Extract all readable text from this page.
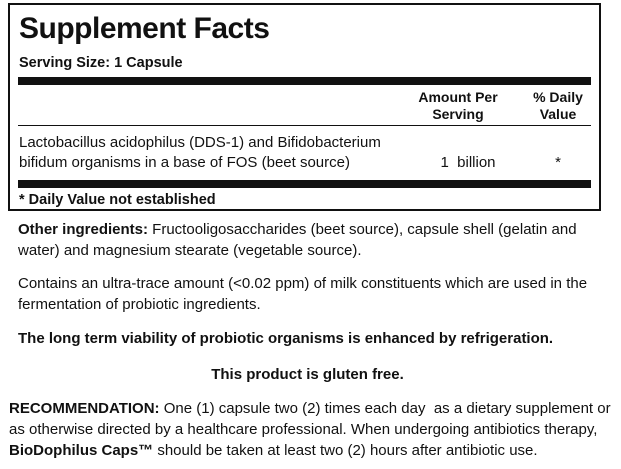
Supplement Facts
Serving Size: 1 Capsule
Amount Per
Serving
% Daily
Value
Lactobacillus acidophilus (DDS-1) and Bifidobacterium
bifidum organisms in a base of FOS (beet source)	1  billion	*
* Daily Value not established

Other ingredients: Fructooligosaccharides (beet source), capsule shell (gelatin and water) and magnesium stearate (vegetable source).

Contains an ultra-trace amount (<0.02 ppm) of milk constituents which are used in the fermentation of probiotic ingredients.

The long term viability of probiotic organisms is enhanced by refrigeration.

This product is gluten free.

RECOMMENDATION: One (1) capsule two (2) times each day  as a dietary supplement or as otherwise directed by a healthcare professional. When undergoing antibiotics therapy, BioDophilus Caps™ should be taken at least two (2) hours after antibiotic use.
